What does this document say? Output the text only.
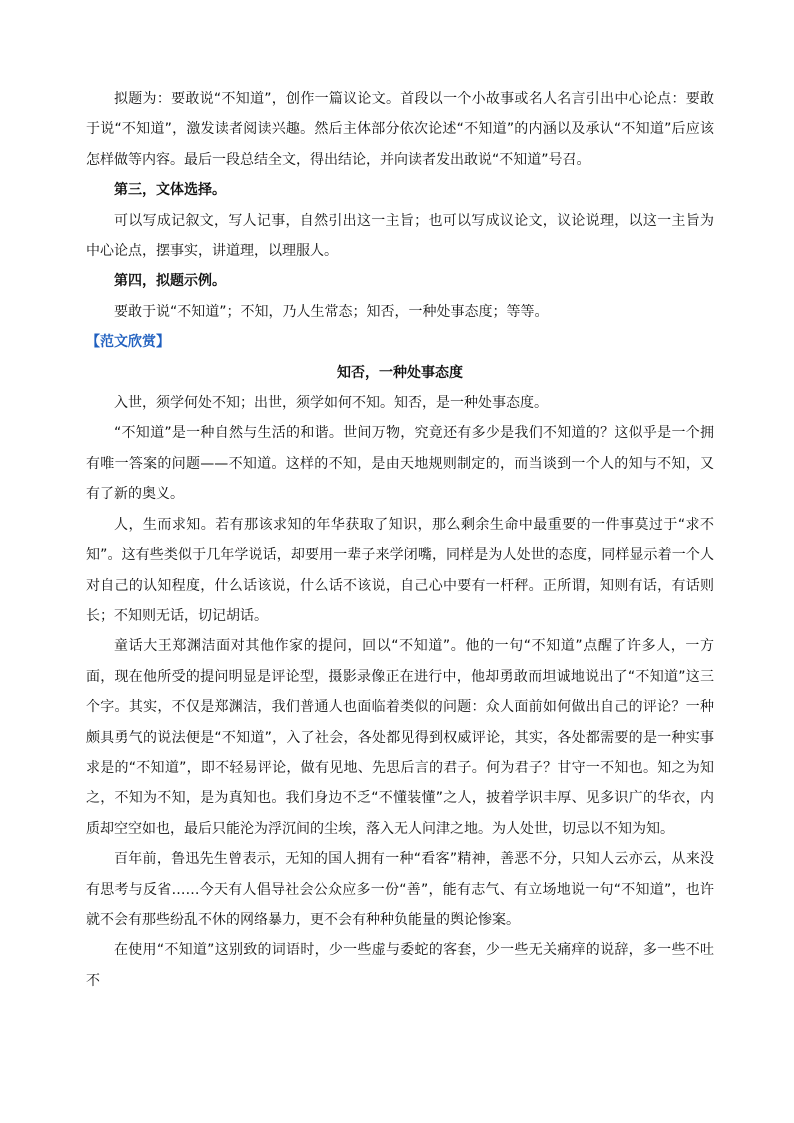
拟题为：要敢说“不知道”，创作一篇议论文。首段以一个小故事或名人名言引出中心论点：要敢于说“不知道”，激发读者阅读兴趣。然后主体部分依次论述“不知道”的内涵以及承认“不知道”后应该怎样做等内容。最后一段总结全文，得出结论，并向读者发出敢说“不知道”号召。

第三，文体选择。

可以写成记叙文，写人记事，自然引出这一主旨；也可以写成议论文，议论说理，以这一主旨为中心论点，摆事实，讲道理，以理服人。

第四，拟题示例。

要敢于说“不知道”；不知，乃人生常态；知否，一种处事态度；等等。

【范文欣赏】

知否，一种处事态度

入世，须学何处不知；出世，须学如何不知。知否，是一种处事态度。

“不知道”是一种自然与生活的和谐。世间万物，究竟还有多少是我们不知道的？这似乎是一个拥有唯一答案的问题——不知道。这样的不知，是由天地规则制定的，而当谈到一个人的知与不知，又有了新的奥义。

人，生而求知。若有那该求知的年华获取了知识，那么剩余生命中最重要的一件事莫过于“求不知”。这有些类似于几年学说话，却要用一辈子来学闭嘴，同样是为人处世的态度，同样显示着一个人对自己的认知程度，什么话该说，什么话不该说，自己心中要有一杆秤。正所谓，知则有话，有话则长；不知则无话，切记胡话。

童话大王郑渊洁面对其他作家的提问，回以“不知道”。他的一句“不知道”点醒了许多人，一方面，现在他所受的提问明显是评论型，摄影录像正在进行中，他却勇敢而坦诚地说出了“不知道”这三个字。其实，不仅是郑渊洁，我们普通人也面临着类似的问题：众人面前如何做出自己的评论？一种颇具勇气的说法便是“不知道”，入了社会，各处都见得到权威评论，其实，各处都需要的是一种实事求是的“不知道”，即不轻易评论，做有见地、先思后言的君子。何为君子？甘守一不知也。知之为知之，不知为不知，是为真知也。我们身边不乏“不懂装懂”之人，披着学识丰厚、见多识广的华衣，内质却空空如也，最后只能沦为浮沉间的尘埃，落入无人问津之地。为人处世，切忌以不知为知。

百年前，鲁迅先生曾表示，无知的国人拥有一种“看客”精神，善恶不分，只知人云亦云，从来没有思考与反省……今天有人倡导社会公众应多一份“善”，能有志气、有立场地说一句“不知道”，也许就不会有那些纷乱不休的网络暴力，更不会有种种负能量的舆论惨案。

在使用“不知道”这别致的词语时，少一些虚与委蛇的客套，少一些无关痛痒的说辞，多一些不吐不
